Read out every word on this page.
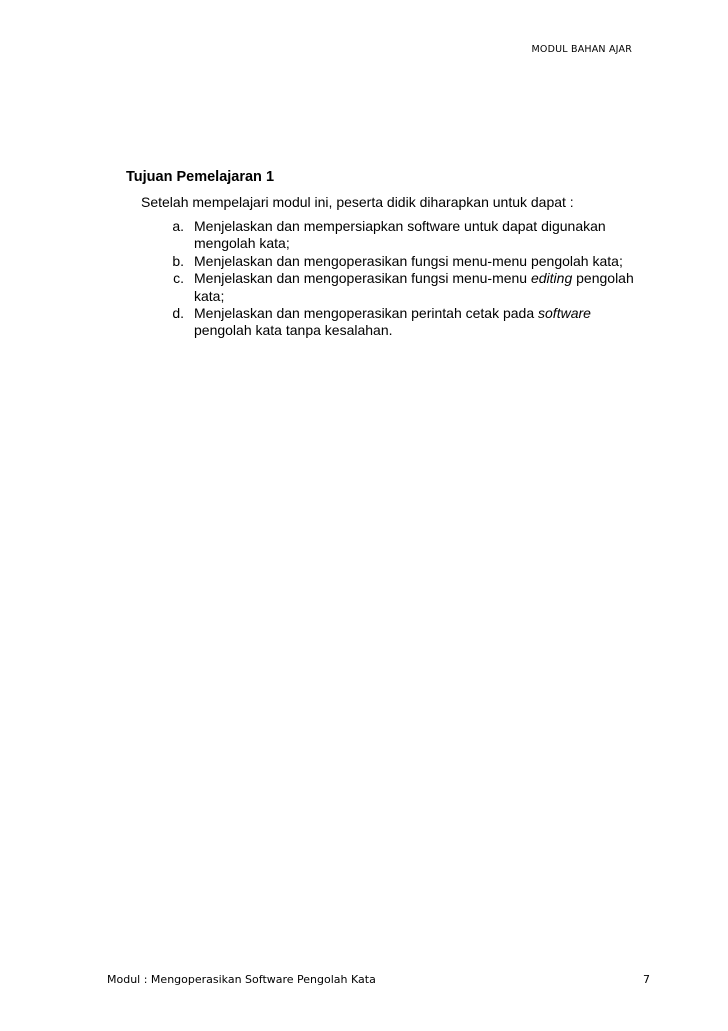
MODUL BAHAN AJAR
Tujuan Pemelajaran 1
Setelah mempelajari modul ini, peserta didik diharapkan untuk dapat :
a. Menjelaskan dan mempersiapkan software untuk dapat digunakan mengolah kata;
b. Menjelaskan dan mengoperasikan fungsi menu-menu pengolah kata;
c. Menjelaskan dan mengoperasikan fungsi menu-menu editing pengolah kata;
d. Menjelaskan dan mengoperasikan perintah cetak pada software pengolah kata tanpa kesalahan.
Modul : Mengoperasikan Software Pengolah Kata	7
